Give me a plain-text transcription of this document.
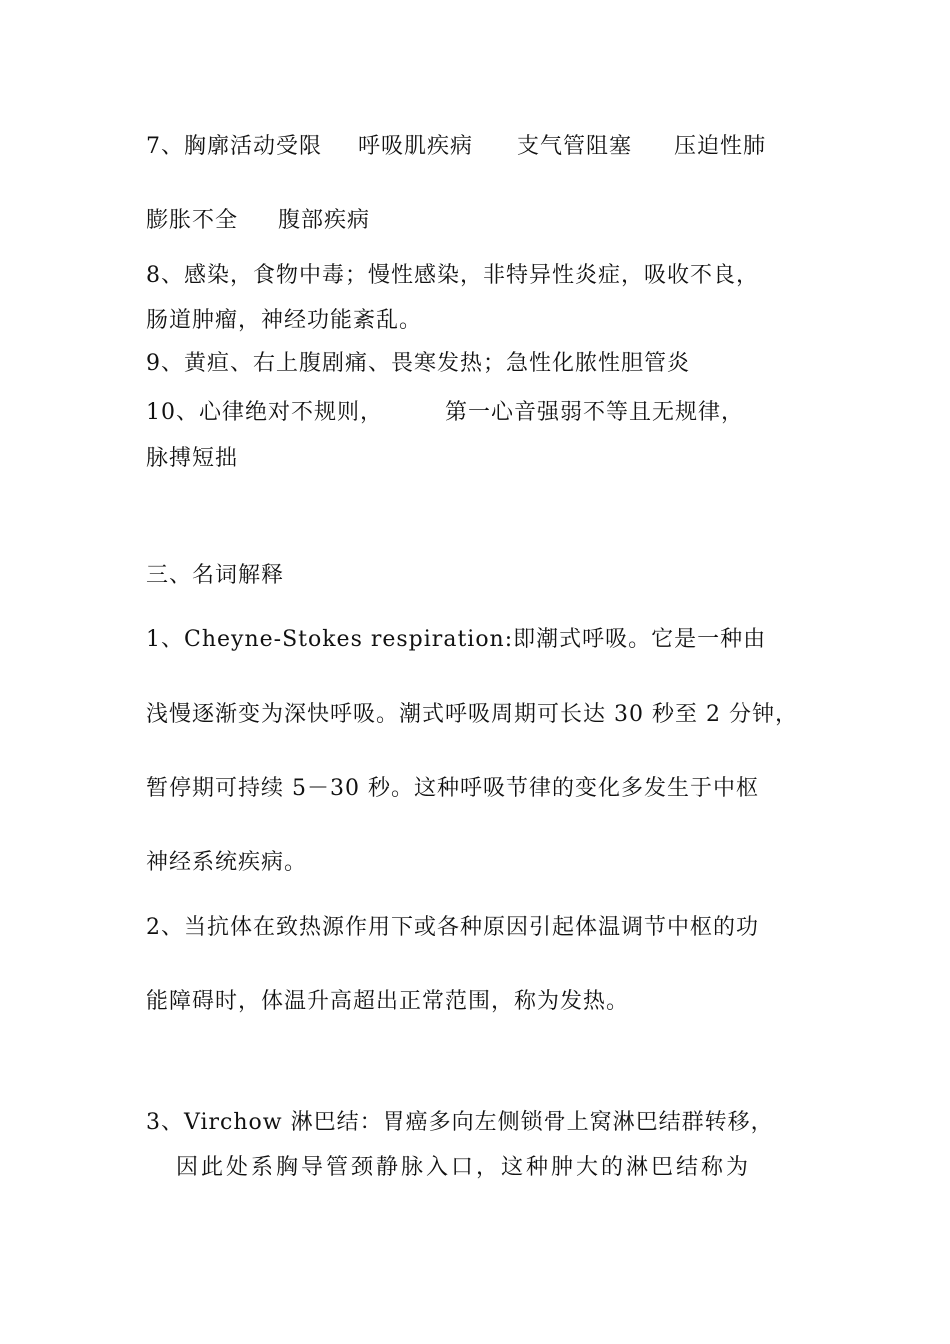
7、胸廓活动受限 呼吸肌疾病 支气管阻塞 压迫性肺
膨胀不全 腹部疾病
8、感染，食物中毒；慢性感染，非特异性炎症，吸收不良，
肠道肿瘤，神经功能紊乱。
9、黄疸、右上腹剧痛、畏寒发热；急性化脓性胆管炎
10、心律绝对不规则，	第一心音强弱不等且无规律，
脉搏短拙
三、名词解释
1、Cheyne-Stokes respiration:即潮式呼吸。它是一种由
浅慢逐渐变为深快呼吸。潮式呼吸周期可长达 30 秒至 2 分钟，
暂停期可持续 5－30 秒。这种呼吸节律的变化多发生于中枢
神经系统疾病。
2、当抗体在致热源作用下或各种原因引起体温调节中枢的功
能障碍时，体温升高超出正常范围，称为发热。
3、Virchow 淋巴结：胃癌多向左侧锁骨上窝淋巴结群转移，
因此处系胸导管颈静脉入口，这种肿大的淋巴结称为
